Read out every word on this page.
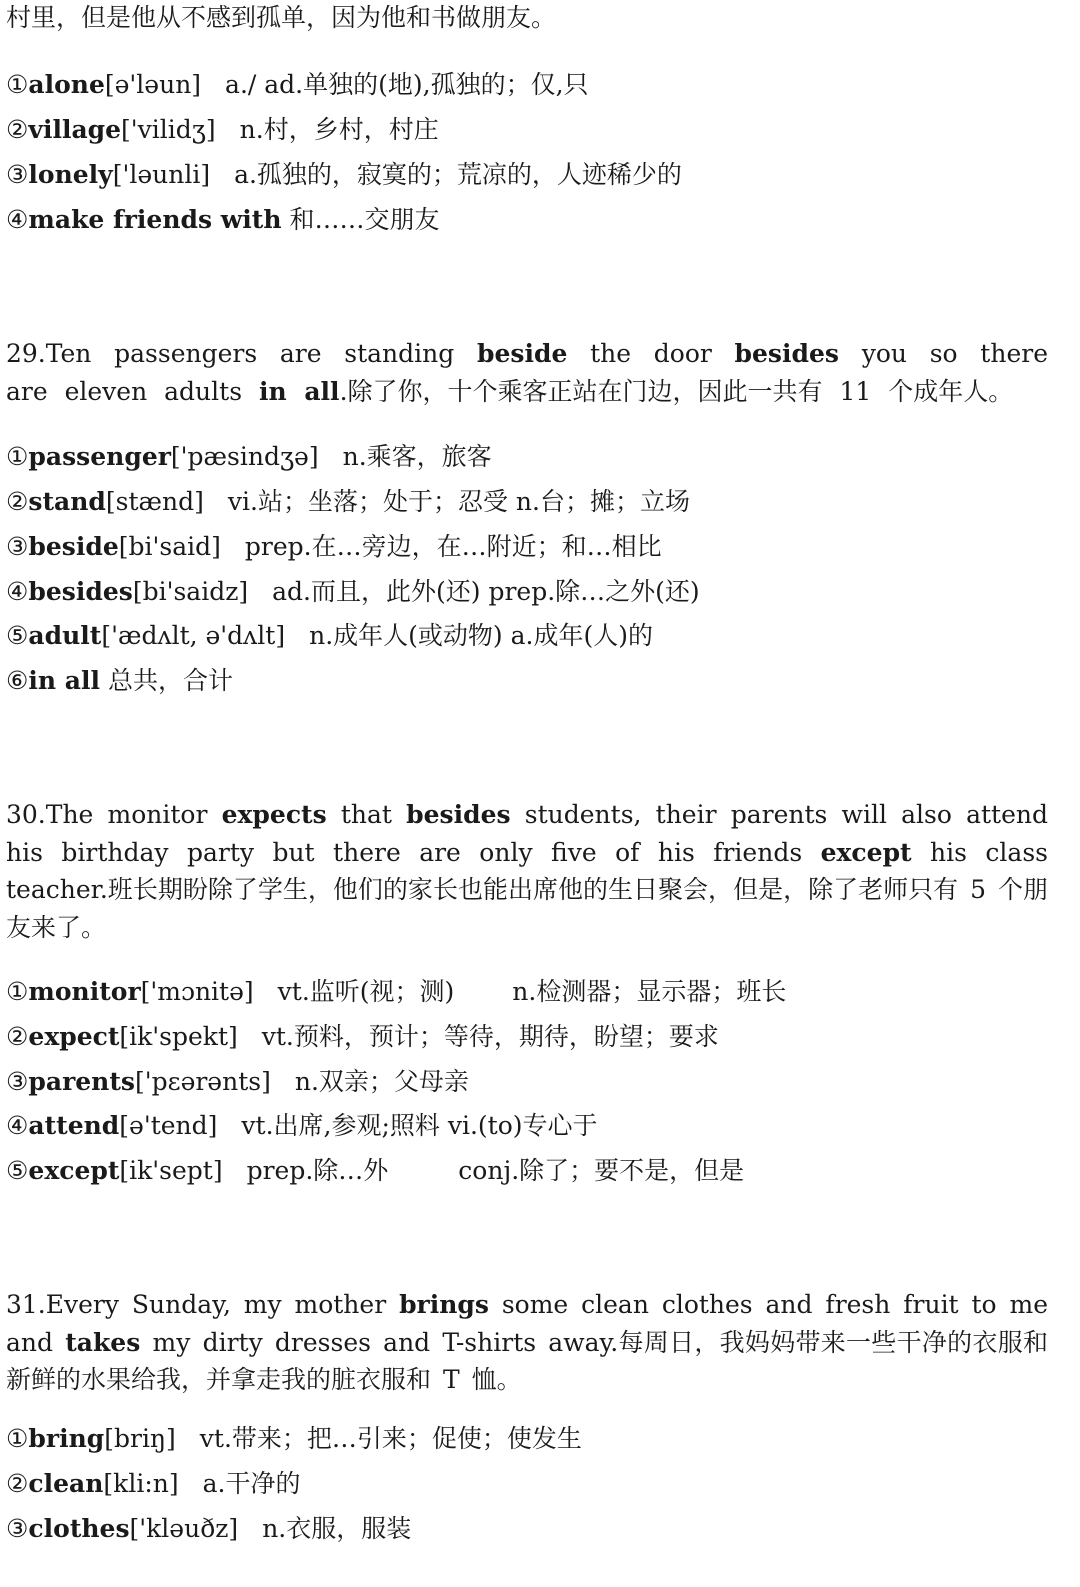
村里，但是他从不感到孤单，因为他和书做朋友。
①alone[ə'ləun] a./ ad.单独的(地),孤独的；仅,只
②village['vilidʒ] n.村，乡村，村庄
③lonely['ləunli] a.孤独的，寂寞的；荒凉的，人迹稀少的
④make friends with 和……交朋友
29.Ten passengers are standing beside the door besides you so there are eleven adults in all.除了你，十个乘客正站在门边，因此一共有 11 个成年人。
①passenger['pæsindʒə] n.乘客，旅客
②stand[stænd] vi.站；坐落；处于；忍受 n.台；摊；立场
③beside[bi'said] prep.在…旁边，在…附近；和…相比
④besides[bi'saidz] ad.而且，此外(还) prep.除…之外(还)
⑤adult['ædʌlt, ə'dʌlt] n.成年人(或动物) a.成年(人)的
⑥in all 总共，合计
30.The monitor expects that besides students, their parents will also attend his birthday party but there are only five of his friends except his class teacher.班长期盼除了学生，他们的家长也能出席他的生日聚会，但是，除了老师只有 5 个朋友来了。
①monitor['mɔnitə] vt.监听(视；测) n.检测器；显示器；班长
②expect[ik'spekt] vt.预料，预计；等待，期待，盼望；要求
③parents['pεərənts] n.双亲；父母亲
④attend[ə'tend] vt.出席,参观;照料 vi.(to)专心于
⑤except[ik'sept] prep.除…外	conj.除了；要不是，但是
31.Every Sunday, my mother brings some clean clothes and fresh fruit to me and takes my dirty dresses and T-shirts away.每周日，我妈妈带来一些干净的衣服和新鲜的水果给我，并拿走我的脏衣服和 T 恤。
①bring[briŋ] vt.带来；把…引来；促使；使发生
②clean[kli:n] a.干净的
③clothes['kləuðz] n.衣服，服装
